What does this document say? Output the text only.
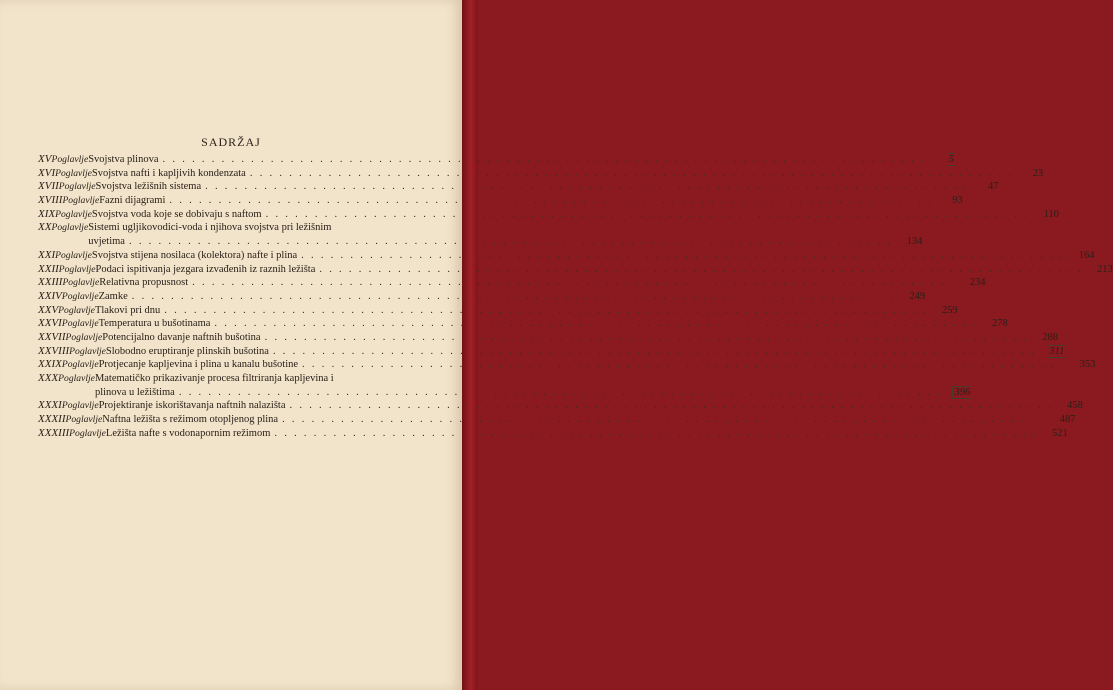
SADRŽAJ
XV Poglavlje Svojstva plinova . . .	5
XVI Poglavlje Svojstva nafti i kapljivih kondenzata . . .	23
XVII Poglavlje Svojstva ležišnih sistema . . .	47
XVIII Poglavlje Fazni dijagrami . . .	93
XIX Poglavlje Svojstva voda koje se dobivaju s naftom . . .	110
XX Poglavlje Sistemi ugljikovodici-voda i njihova svojstva pri ležišnim
uvjetima . . .	134
XXI Poglavlje Svojstva stijena nosilaca (kolektora) nafte i plina . . .	164
XXII Poglavlje Podaci ispitivanja jezgara izvađenih iz raznih ležišta . . .	213
XXIII Poglavlje Relativna propusnost . . .	234
XXIV Poglavlje Zamke . . .	249
XXV Poglavlje Tlakovi pri dnu . . .	259
XXVI Poglavlje Temperatura u bušotinama . . .	278
XXVII Poglavlje Potencijalno davanje naftnih bušotina . . .	288
XXVIII Poglavlje Slobodno eruptiranje plinskih bušotina . . .	311
XXIX Poglavlje Protjecanje kapljevina i plina u kanalu bušotine . . .	353
XXX Poglavlje Matematičko prikazivanje procesa filtriranja kapljevina i
plinova u ležištima . . .	396
XXXI Poglavlje Projektiranje iskorištavanja naftnih nalazišta . . .	458
XXXII Poglavlje Naftna ležišta s režimom otopljenog plina . . .	487
XXXIII Poglavlje Ležišta nafte s vodonapornim režimom . . .	521
